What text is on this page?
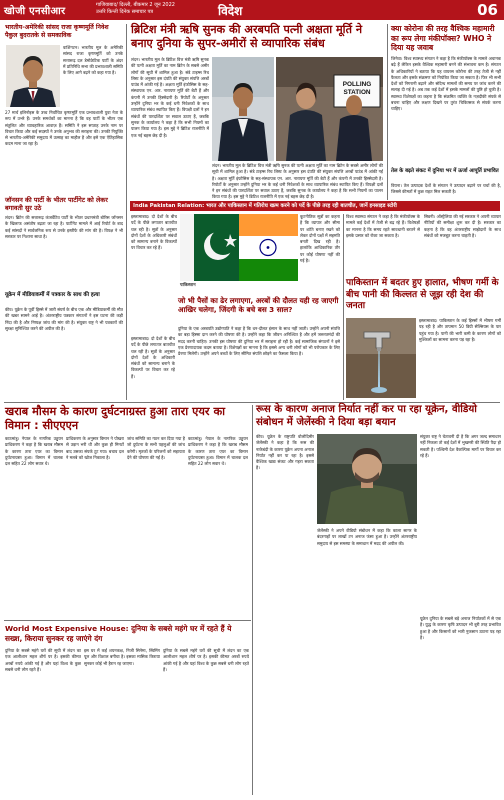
खोजी एनसीआर
गाजियाबाद/ दिल्ली, बीकमार 2 जून 2022
उत्तरि किन्ती दिनेक समाचार पत्र	विदेश	06
भारतीय-अमेरिकी सांसद राजा कृष्णमूर्ति निवेश पैकुल बुदरातके से समकाविक
वाशिंगटन। भारतीय मूल के अमेरिकी सांसद राजा कृष्णमूर्ति को उनके सत्तारूढ़ दल डेमोक्रेटिक पार्टी के अंदर में प्रतिनिधि सभा की प्रभावशाली समिति के लिए आगे बढ़ने को कहा गया है।
27 मार्च इलिनोइस के उच्च निर्वाचित कृष्णमूर्ति एक प्रभावशाली युवा नेता के रूप में उभरे हैं। उनके समर्थकों का मानना है कि वह पार्टी के भीतर एक संतुलित और व्यावहारिक आवाज़ हैं। समिति ने इस सप्ताह उनके नाम पर विचार किया और कई सदस्यों ने उनके अनुभव की सराहना की। उनकी नियुक्ति से भारतीय-अमेरिकी समुदाय में उत्साह का माहौल है और इसे एक ऐतिहासिक कदम माना जा रहा है।
जॉनसन की पार्टी के भीतर पार्टीगेट को लेकर बगावती सुर उठे
लंदन। ब्रिटेन की सत्तारूढ़ कंजर्वेटिव पार्टी के भीतर प्रधानमंत्री बोरिस जॉनसन के खिलाफ असंतोष बढ़ता जा रहा है। पार्टीगेट मामले में आई रिपोर्ट के बाद कई सांसदों ने सार्वजनिक रूप से उनके इस्तीफे की मांग की है। विपक्ष ने भी सरकार पर निशाना साधा है।
यूक्रेन में मीडियाकर्मी में पत्रकार के साथ की हत्या
कीव। यूक्रेन के पूर्वी हिस्से में जारी संघर्ष के बीच एक और मीडियाकर्मी की मौत की खबर सामने आई है। अंतरराष्ट्रीय पत्रकार संगठनों ने इस घटना की कड़ी निंदा की है और निष्पक्ष जांच की मांग की है। संयुक्त राष्ट्र ने भी पत्रकारों की सुरक्षा सुनिश्चित करने की अपील की है।
ब्रिटिश मंत्री ऋषि सुनक की अरबपति पत्नी अक्षता मूर्ति ने बनाए दुनिया के सुपर-अमीरों से व्यापारिक संबंध
लंदन। भारतीय मूल के ब्रिटिश वित्त मंत्री ऋषि सुनक की पत्नी अक्षता मूर्ति का नाम ब्रिटेन के सबसे अमीर लोगों की सूची में शामिल हुआ है। संडे टाइम्स रिच लिस्ट के अनुसार इस दंपति की संयुक्त संपत्ति अरबों पाउंड में आंकी गई है। अक्षता मूर्ति इंफोसिस के सह-संस्थापक एन. आर. नारायण मूर्ति की बेटी हैं और कंपनी में उनकी हिस्सेदारी है। रिपोर्टों के अनुसार उन्होंने दुनिया भर के कई धनी निवेशकों के साथ व्यापारिक संबंध स्थापित किए हैं। विपक्षी दलों ने इन संबंधों की पारदर्शिता पर सवाल उठाए हैं, जबकि सुनक के कार्यालय ने कहा है कि सभी नियमों का पालन किया गया है। इस मुद्दे ने ब्रिटिश राजनीति में एक नई बहस छेड़ दी है।
POLLING STATION
लंदन। भारतीय मूल के ब्रिटिश वित्त मंत्री ऋषि सुनक की पत्नी अक्षता मूर्ति का नाम ब्रिटेन के सबसे अमीर लोगों की सूची में शामिल हुआ है। संडे टाइम्स रिच लिस्ट के अनुसार इस दंपति की संयुक्त संपत्ति अरबों पाउंड में आंकी गई है। अक्षता मूर्ति इंफोसिस के सह-संस्थापक एन. आर. नारायण मूर्ति की बेटी हैं और कंपनी में उनकी हिस्सेदारी है। रिपोर्टों के अनुसार उन्होंने दुनिया भर के कई धनी निवेशकों के साथ व्यापारिक संबंध स्थापित किए हैं। विपक्षी दलों ने इन संबंधों की पारदर्शिता पर सवाल उठाए हैं, जबकि सुनक के कार्यालय ने कहा है कि सभी नियमों का पालन किया गया है। इस मुद्दे ने ब्रिटिश राजनीति में एक नई बहस छेड़ दी है।
India Pakistan Relation: भारत और पाकिस्तान में गतिरोध खत्म करने को पर्दे के पीछे तरह रही बातचीत, जानें इनसाइड स्टोरी
इस्लामाबाद। दो देशों के बीच पर्दे के पीछे लगातार बातचीत चल रही है। सूत्रों के अनुसार दोनों देशों के अधिकारी संबंधों को सामान्य बनाने के विकल्पों पर विचार कर रहे हैं।
पाकिस्तान
कूटनीतिक सूत्रों का कहना है कि व्यापार और सीमा पर शांति बनाए रखने को लेकर दोनों पक्षों में सहमति बनती दिख रही है। हालांकि आधिकारिक तौर पर कोई घोषणा नहीं की गई है।
क्या कोरोना की तरह वैश्विक महामारी का रूप लेगा मंकीपॉक्स? WHO ने दिया यह जवाब
जिनेवा। विश्व स्वास्थ्य संगठन ने कहा है कि मंकीपॉक्स के मामले अचानक बढ़े हैं लेकिन इसके वैश्विक महामारी बनने की संभावना कम है। संगठन के अधिकारियों ने बताया कि यह वायरस कोरोना की तरह तेजी से नहीं फैलता और इसके संक्रमण को नियंत्रित किया जा सकता है। फिर भी सभी देशों को निगरानी बढ़ाने और संदिग्ध मामलों की समय पर जांच करने की सलाह दी गई है। अब तक कई देशों में इसके मामलों की पुष्टि हो चुकी है। स्वास्थ्य विशेषज्ञों का कहना है कि संक्रमित व्यक्ति के नज़दीकी संपर्क से बचना चाहिए और लक्षण दिखने पर तुरंत चिकित्सक से संपर्क करना चाहिए।
तेल के बढ़ते संकट में दुनिया भर में ऊर्जा आपूर्ति प्रभावित
वियना। तेल उत्पादक देशों के संगठन ने उत्पादन बढ़ाने पर चर्चा की है, जिससे कीमतों में कुछ राहत मिल सकती है।
जो भी पैसों का ढेर लगाएगा, अरबों की दौलत यही रह जाएगी आखिर चलेगा, जिंदगी के बचे बस 3 साल?
दुनिया के एक अरबपति उद्योगपति ने कहा है कि धन-दौलत इंसान के साथ नहीं जाती। उन्होंने अपनी संपत्ति का बड़ा हिस्सा दान करने की घोषणा की है। उन्होंने कहा कि जीवन अनिश्चित है और हमें जरूरतमंदों की मदद करनी चाहिए। उनकी इस घोषणा की दुनिया भर में सराहना हो रही है। कई सामाजिक संगठनों ने इसे एक प्रेरणादायक कदम बताया है। विशेषज्ञों का मानना है कि इससे अन्य धनी लोगों को भी परोपकार के लिए प्रेरणा मिलेगी। उन्होंने अपने बच्चों के लिए सीमित संपत्ति छोड़ने का फैसला किया है।
इस्लामाबाद। दो देशों के बीच पर्दे के पीछे लगातार बातचीत चल रही है। सूत्रों के अनुसार दोनों देशों के अधिकारी संबंधों को सामान्य बनाने के विकल्पों पर विचार कर रहे हैं।
विश्व स्वास्थ्य संगठन ने कहा है कि मंकीपॉक्स के मामले कई देशों में तेजी से बढ़ रहे हैं। विशेषज्ञों का मानना है कि समय रहते सावधानी बरतने से इसके प्रसार को रोका जा सकता है।
सिडनी। ऑस्ट्रेलिया की नई सरकार ने अपनी व्यापार नीतियों की समीक्षा शुरू कर दी है। सरकार का कहना है कि वह अंतरराष्ट्रीय साझेदारों के साथ संबंधों को मजबूत करना चाहती है।
पाकिस्तान में बदतर हुए हालात, भीषण गर्मी के बीच पानी की किल्लत से जूझ रही देश की जनता
इस्लामाबाद। पाकिस्तान के कई हिस्सों में भीषण गर्मी पड़ रही है और तापमान 50 डिग्री सेल्सियस के पार पहुंच गया है। पानी की भारी कमी के कारण लोगों को मुश्किलों का सामना करना पड़ रहा है।
खराब मौसम के कारण दुर्घटनाग्रस्त हुआ तारा एयर का विमान : सीएएएन
काठमांडू। नेपाल के नागरिक उड्डयन प्राधिकरण ने कहा है कि खराब मौसम के कारण तारा एयर का विमान दुर्घटनाग्रस्त हुआ। विमान में चालक दल सहित 22 लोग सवार थे।
प्राधिकरण के अनुसार विमान ने पोखरा से उड़ान भरी थी और कुछ ही मिनटों बाद उसका संपर्क टूट गया। बचाव दल ने मलबे को खोज निकाला है।
जांच समिति का गठन कर दिया गया है जो दुर्घटना के सभी पहलुओं की जांच करेगी। मृतकों के परिजनों को सहायता देने की घोषणा की गई है।
काठमांडू। नेपाल के नागरिक उड्डयन प्राधिकरण ने कहा है कि खराब मौसम के कारण तारा एयर का विमान दुर्घटनाग्रस्त हुआ। विमान में चालक दल सहित 22 लोग सवार थे।
World Most Expensive House: दुनिया के सबसे महंगे घर में रहते हैं ये सख्श, किराया सुनकर रह जाएंगे दंग
दुनिया के सबसे महंगे घरों की सूची में लंदन का एक आलीशान महल शीर्ष पर है। इसकी कीमत अरबों रुपये आंकी गई है और यहां विश्व के कुछ सबसे धनी लोग रहते हैं।
इस घर में कई शयनकक्ष, निजी सिनेमा, स्विमिंग पूल और विशाल बगीचा है। इसका मासिक किराया सुनकर कोई भी हैरान रह जाएगा।
दुनिया के सबसे महंगे घरों की सूची में लंदन का एक आलीशान महल शीर्ष पर है। इसकी कीमत अरबों रुपये आंकी गई है और यहां विश्व के कुछ सबसे धनी लोग रहते हैं।
रूस के कारण अनाज निर्यात नहीं कर पा रहा यूक्रेन, वीडियो संबोधन में जेलेंस्की ने दिया बड़ा बयान
कीव। यूक्रेन के राष्ट्रपति वोलोदिमीर जेलेंस्की ने कहा है कि रूस की नाकेबंदी के कारण यूक्रेन अपना अनाज निर्यात नहीं कर पा रहा है। इससे वैश्विक खाद्य संकट और गहरा सकता है।
जेलेंस्की ने अपने वीडियो संबोधन में कहा कि काला सागर के बंदरगाहों पर लाखों टन अनाज फंसा हुआ है। उन्होंने अंतरराष्ट्रीय समुदाय से इस समस्या के समाधान में मदद की अपील की।
संयुक्त राष्ट्र ने चेतावनी दी है कि अगर जल्द समाधान नहीं निकला तो कई देशों में भुखमरी की स्थिति पैदा हो सकती है। पश्चिमी देश वैकल्पिक मार्गों पर विचार कर रहे हैं।
यूक्रेन दुनिया के सबसे बड़े अनाज निर्यातकों में से एक है। युद्ध के कारण कृषि उत्पादन भी बुरी तरह प्रभावित हुआ है और किसानों को भारी नुकसान उठाना पड़ रहा है।
